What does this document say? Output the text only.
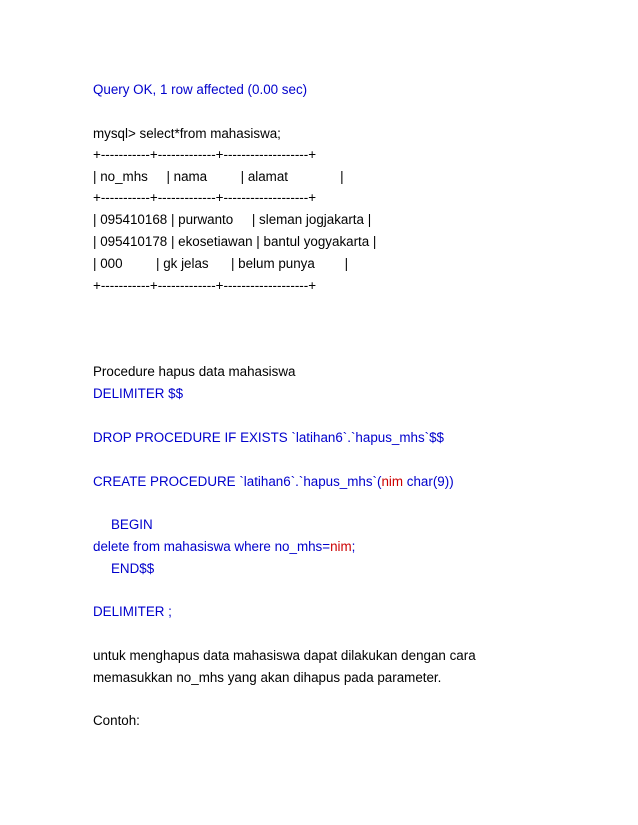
Query OK, 1 row affected (0.00 sec)
mysql> select*from mahasiswa;
+-----------+-------------+-------------------+
| no_mhs     | nama         | alamat              |
+-----------+-------------+-------------------+
| 095410168 | purwanto     | sleman jogjakarta |
| 095410178 | ekosetiawan | bantul yogyakarta |
| 000         | gk jelas      | belum punya        |
+-----------+-------------+-------------------+
Procedure hapus data mahasiswa
DELIMITER $$
DROP PROCEDURE IF EXISTS `latihan6`.`hapus_mhs`$$
CREATE PROCEDURE `latihan6`.`hapus_mhs`(nim char(9))
BEGIN
delete from mahasiswa where no_mhs=nim;
END$$
DELIMITER ;
untuk menghapus data mahasiswa dapat dilakukan dengan cara
memasukkan no_mhs yang akan dihapus pada parameter.
Contoh:
